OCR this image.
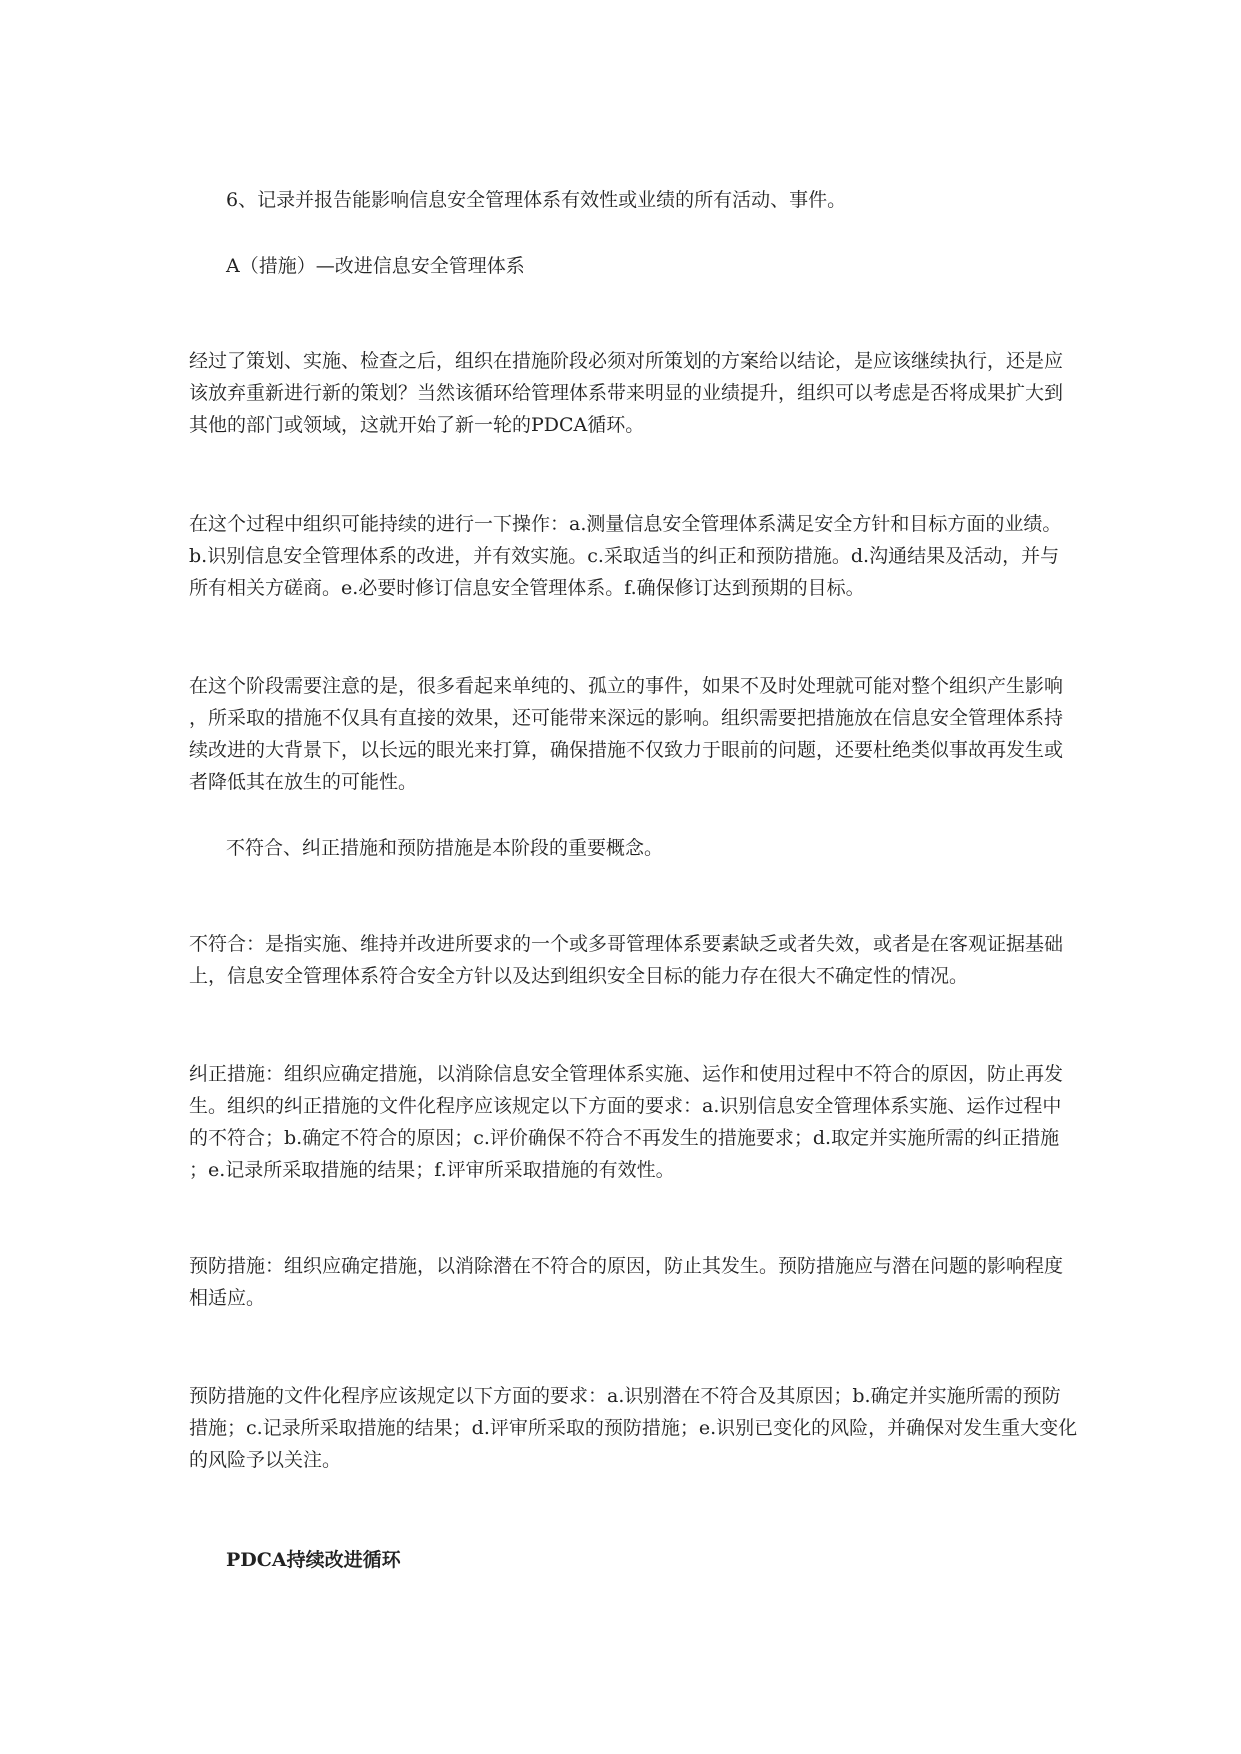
6、记录并报告能影响信息安全管理体系有效性或业绩的所有活动、事件。
A（措施）—改进信息安全管理体系
经过了策划、实施、检查之后，组织在措施阶段必须对所策划的方案给以结论，是应该继续执行，还是应
该放弃重新进行新的策划？当然该循环给管理体系带来明显的业绩提升，组织可以考虑是否将成果扩大到
其他的部门或领域，这就开始了新一轮的PDCA循环。
在这个过程中组织可能持续的进行一下操作：a.测量信息安全管理体系满足安全方针和目标方面的业绩。
b.识别信息安全管理体系的改进，并有效实施。c.采取适当的纠正和预防措施。d.沟通结果及活动，并与
所有相关方磋商。e.必要时修订信息安全管理体系。f.确保修订达到预期的目标。
在这个阶段需要注意的是，很多看起来单纯的、孤立的事件，如果不及时处理就可能对整个组织产生影响
，所采取的措施不仅具有直接的效果，还可能带来深远的影响。组织需要把措施放在信息安全管理体系持
续改进的大背景下，以长远的眼光来打算，确保措施不仅致力于眼前的问题，还要杜绝类似事故再发生或
者降低其在放生的可能性。
不符合、纠正措施和预防措施是本阶段的重要概念。
不符合：是指实施、维持并改进所要求的一个或多哥管理体系要素缺乏或者失效，或者是在客观证据基础
上，信息安全管理体系符合安全方针以及达到组织安全目标的能力存在很大不确定性的情况。
纠正措施：组织应确定措施，以消除信息安全管理体系实施、运作和使用过程中不符合的原因，防止再发
生。组织的纠正措施的文件化程序应该规定以下方面的要求：a.识别信息安全管理体系实施、运作过程中
的不符合；b.确定不符合的原因；c.评价确保不符合不再发生的措施要求；d.取定并实施所需的纠正措施
；e.记录所采取措施的结果；f.评审所采取措施的有效性。
预防措施：组织应确定措施，以消除潜在不符合的原因，防止其发生。预防措施应与潜在问题的影响程度
相适应。
预防措施的文件化程序应该规定以下方面的要求：a.识别潜在不符合及其原因；b.确定并实施所需的预防
措施；c.记录所采取措施的结果；d.评审所采取的预防措施；e.识别已变化的风险，并确保对发生重大变化
的风险予以关注。
PDCA持续改进循环
